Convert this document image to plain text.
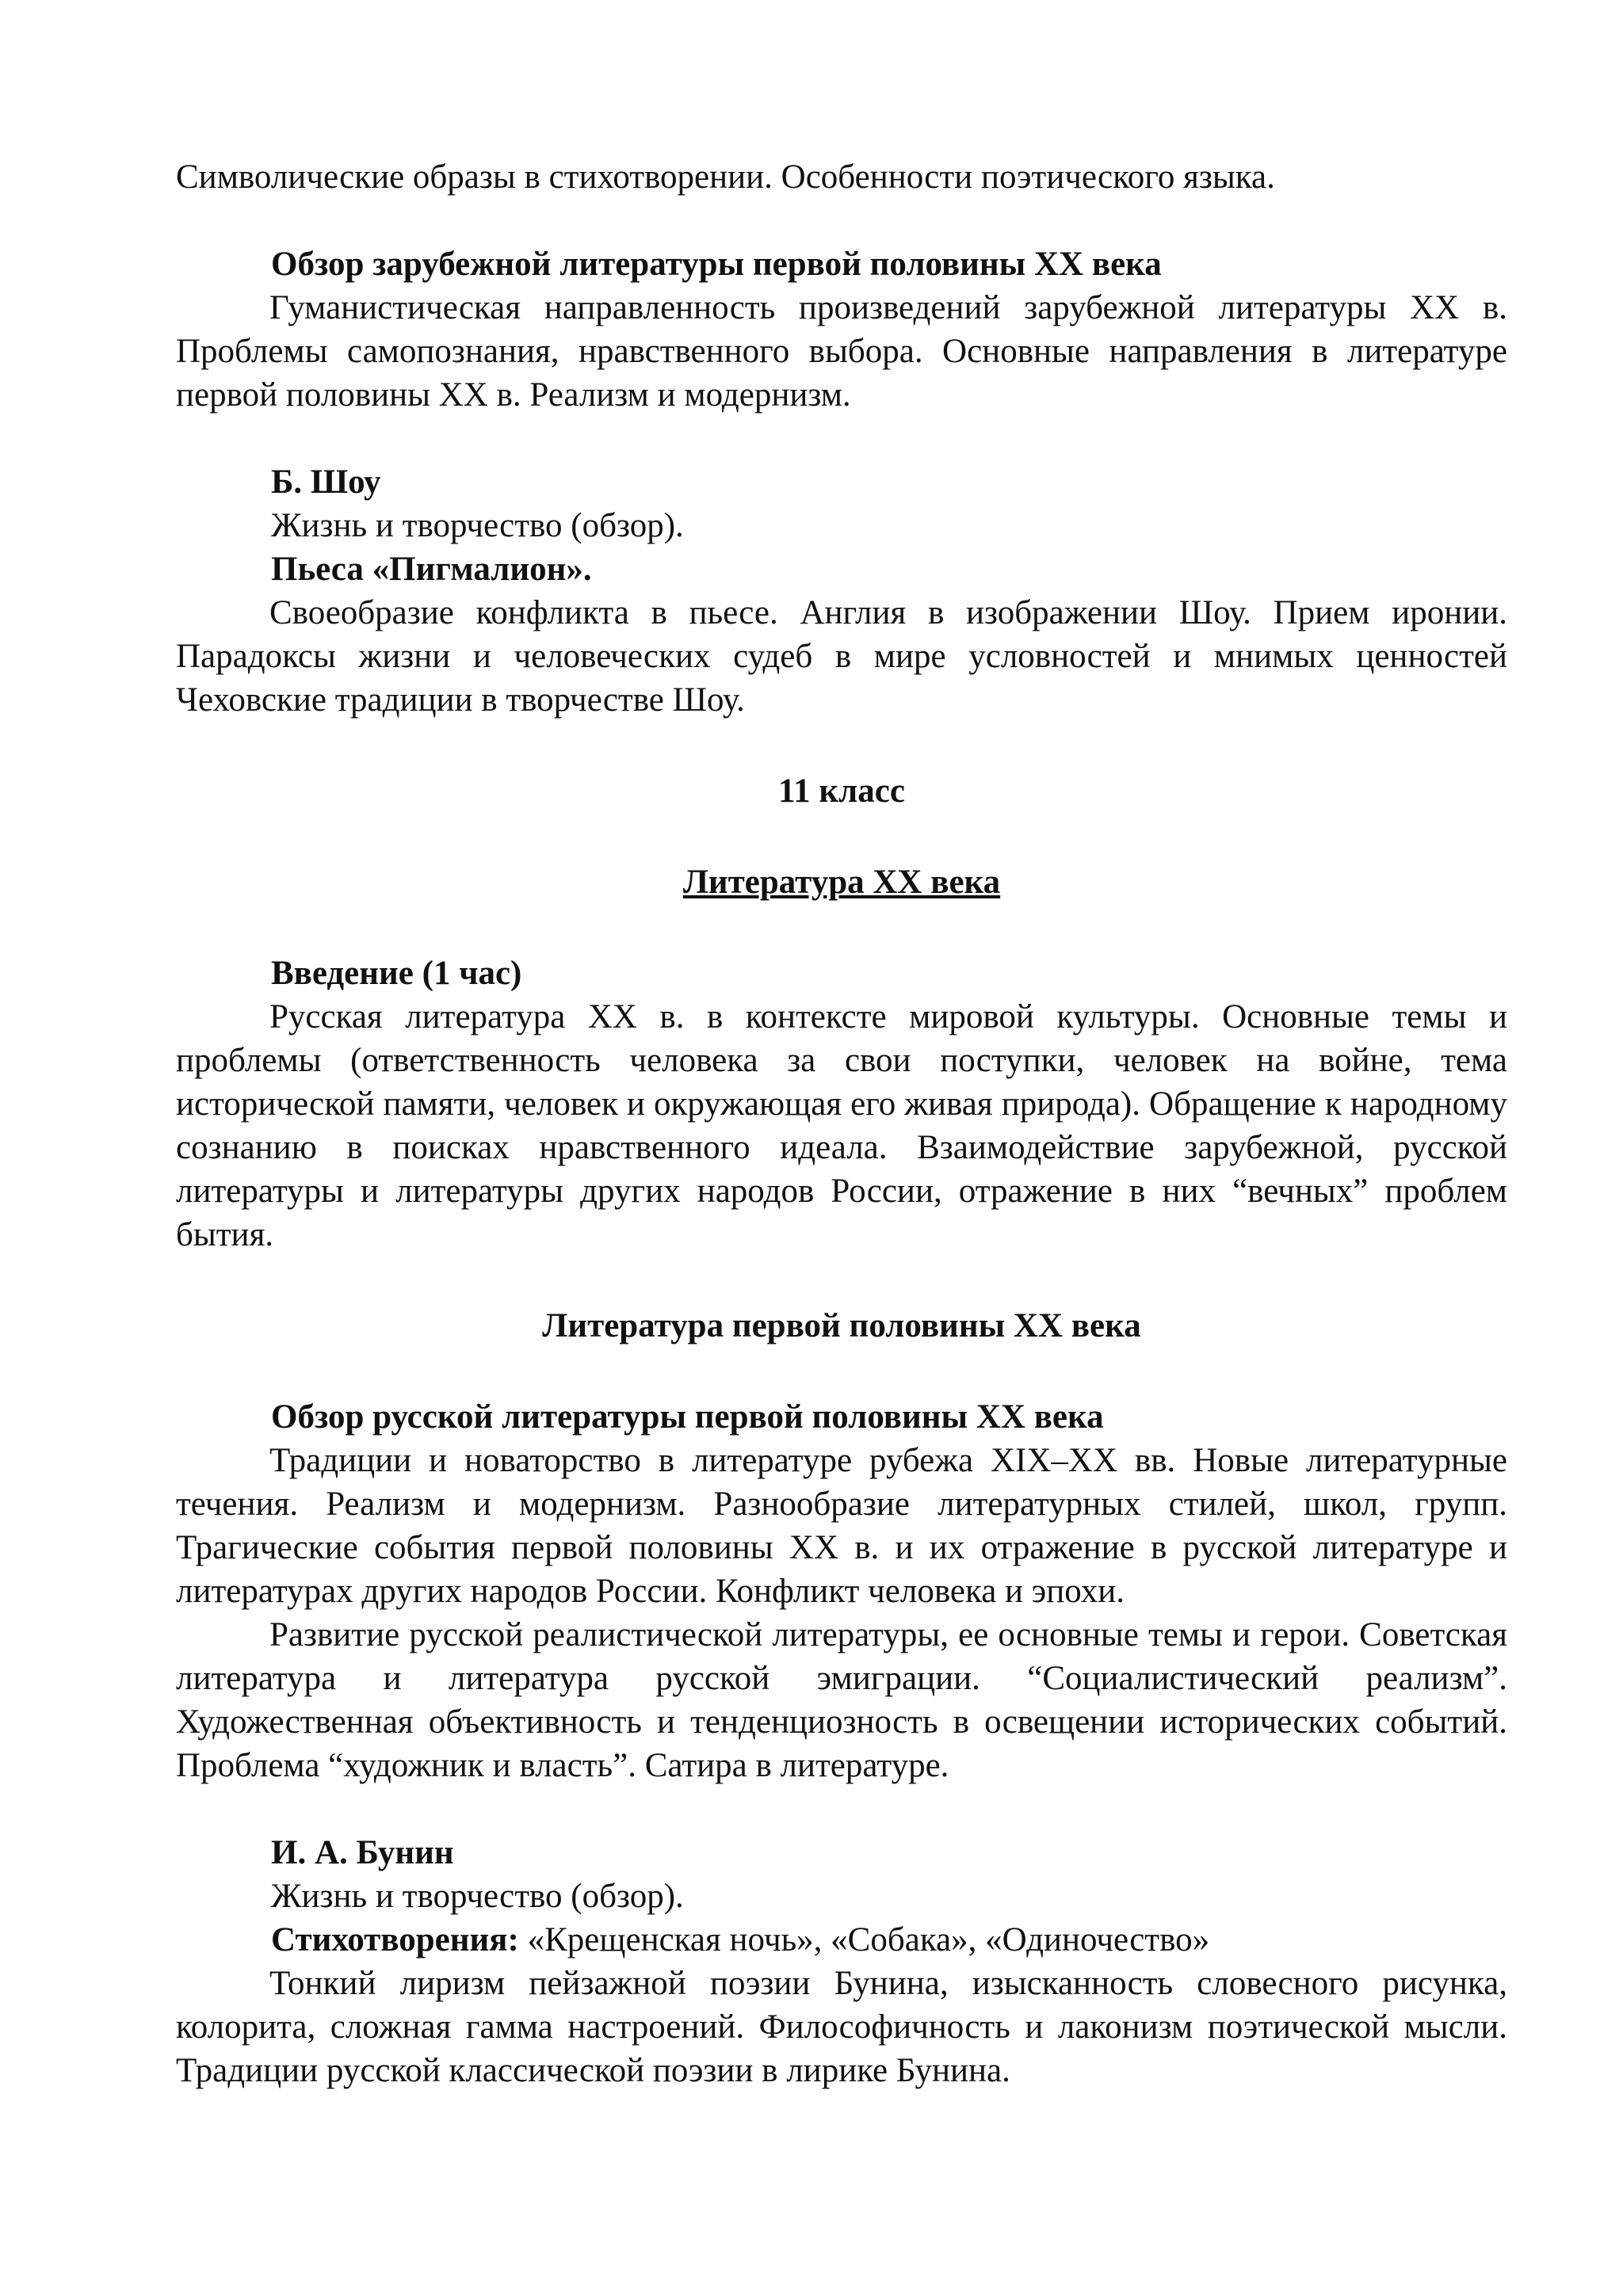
Символические образы в стихотворении. Особенности поэтического языка.

Обзор зарубежной литературы первой половины XX века

Гуманистическая направленность произведений зарубежной литературы XX в. Проблемы самопознания, нравственного выбора. Основные направления в литературе первой половины XX в. Реализм и модернизм.

Б. Шоу

Жизнь и творчество (обзор).

Пьеса «Пигмалион».

Своеобразие конфликта в пьесе. Англия в изображении Шоу. Прием иронии. Парадоксы жизни и человеческих судеб в мире условностей и мнимых ценностей Чеховские традиции в творчестве Шоу.

11 класс

Литература XX века

Введение (1 час)

Русская литература XX в. в контексте мировой культуры. Основные темы и проблемы (ответственность человека за свои поступки, человек на войне, тема исторической памяти, человек и окружающая его живая природа). Обращение к народному сознанию в поисках нравственного идеала. Взаимодействие зарубежной, русской литературы и литературы других народов России, отражение в них “вечных” проблем бытия.

Литература первой половины XX века

Обзор русской литературы первой половины XX века

Традиции и новаторство в литературе рубежа XIX–XX вв. Новые литературные течения. Реализм и модернизм. Разнообразие литературных стилей, школ, групп. Трагические события первой половины XX в. и их отражение в русской литературе и литературах других народов России. Конфликт человека и эпохи.

Развитие русской реалистической литературы, ее основные темы и герои. Советская литература и литература русской эмиграции. “Социалистический реализм”. Художественная объективность и тенденциозность в освещении исторических событий. Проблема “художник и власть”. Сатира в литературе.

И. А. Бунин

Жизнь и творчество (обзор).

Стихотворения: «Крещенская ночь», «Собака», «Одиночество»

Тонкий лиризм пейзажной поэзии Бунина, изысканность словесного рисунка, колорита, сложная гамма настроений. Философичность и лаконизм поэтической мысли. Традиции русской классической поэзии в лирике Бунина.
